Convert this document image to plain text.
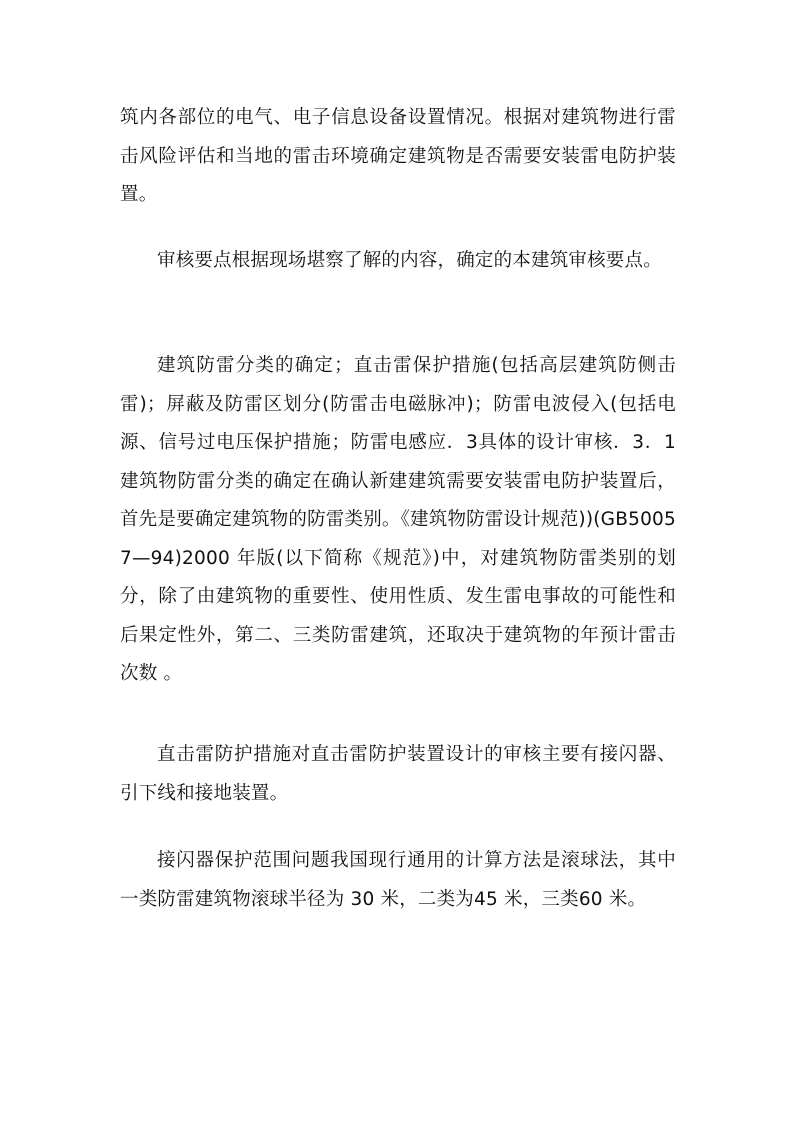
筑内各部位的电气、电子信息设备设置情况。根据对建筑物进行雷击风险评估和当地的雷击环境确定建筑物是否需要安装雷电防护装置。

审核要点根据现场堪察了解的内容，确定的本建筑审核要点。

建筑防雷分类的确定；直击雷保护措施(包括高层建筑防侧击雷)；屏蔽及防雷区划分(防雷击电磁脉冲)；防雷电波侵入(包括电源、信号过电压保护措施；防雷电感应．3具体的设计审核．3．1建筑物防雷分类的确定在确认新建建筑需要安装雷电防护装置后，首先是要确定建筑物的防雷类别。《建筑物防雷设计规范))(GB50057—94)2000 年版(以下简称《规范》)中，对建筑物防雷类别的划分，除了由建筑物的重要性、使用性质、发生雷电事故的可能性和后果定性外，第二、三类防雷建筑，还取决于建筑物的年预计雷击次数 。

直击雷防护措施对直击雷防护装置设计的审核主要有接闪器、引下线和接地装置。

接闪器保护范围问题我国现行通用的计算方法是滚球法，其中一类防雷建筑物滚球半径为 30 米，二类为45 米，三类60 米。
